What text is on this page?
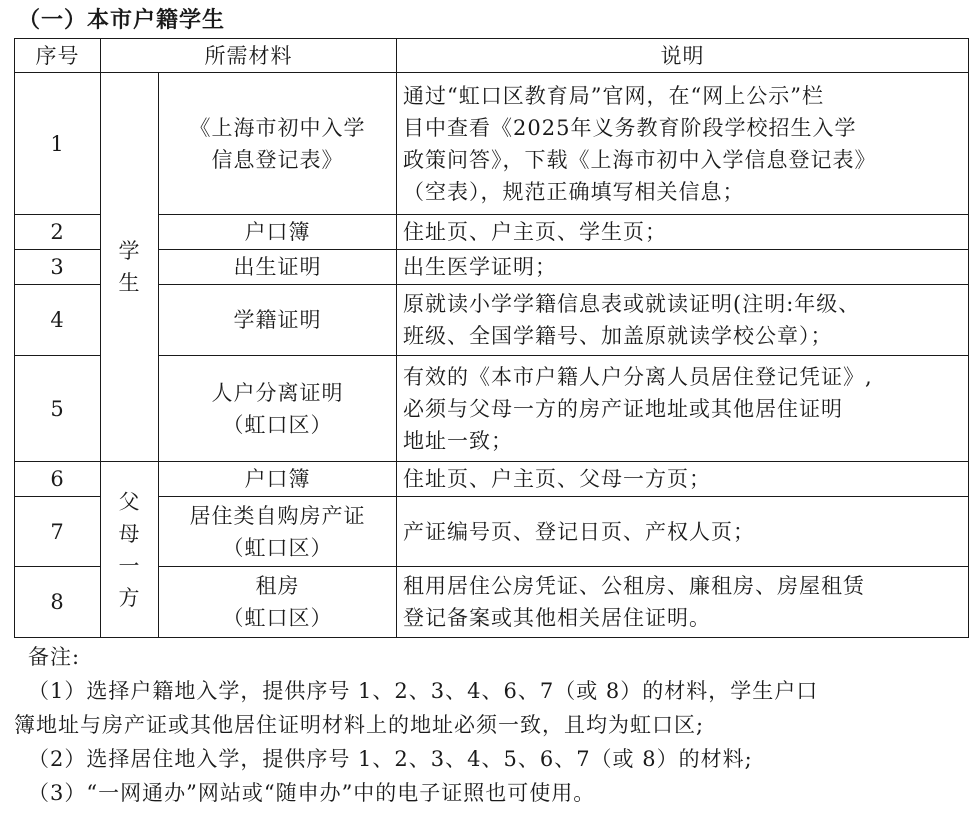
（一）本市户籍学生
序号	所需材料		说明
1	学生	《上海市初中入学
信息登记表》	通过“虹口区教育局”官网，在“网上公示”栏
目中查看《2025年义务教育阶段学校招生入学
政策问答》，下载《上海市初中入学信息登记表》
（空表），规范正确填写相关信息；

2		户口簿	住址页、户主页、学生页；

3		出生证明	出生医学证明；

4		学籍证明	原就读小学学籍信息表或就读证明(注明:年级、
班级、全国学籍号、加盖原就读学校公章）；

5		人户分离证明
（虹口区）	有效的《本市户籍人户分离人员居住登记凭证》,
必须与父母一方的房产证地址或其他居住证明
地址一致；

6	父母一方	户口簿	住址页、户主页、父母一方页；

7		居住类自购房产证
（虹口区）	产证编号页、登记日页、产权人页；

8		租房
（虹口区）	租用居住公房凭证、公租房、廉租房、房屋租赁
登记备案或其他相关居住证明。
备注:
（1）选择户籍地入学，提供序号 1、2、3、4、6、7（或 8）的材料，学生户口
簿地址与房产证或其他居住证明材料上的地址必须一致，且均为虹口区;
（2）选择居住地入学，提供序号 1、2、3、4、5、6、7（或 8）的材料;
（3）“一网通办”网站或“随申办”中的电子证照也可使用。
